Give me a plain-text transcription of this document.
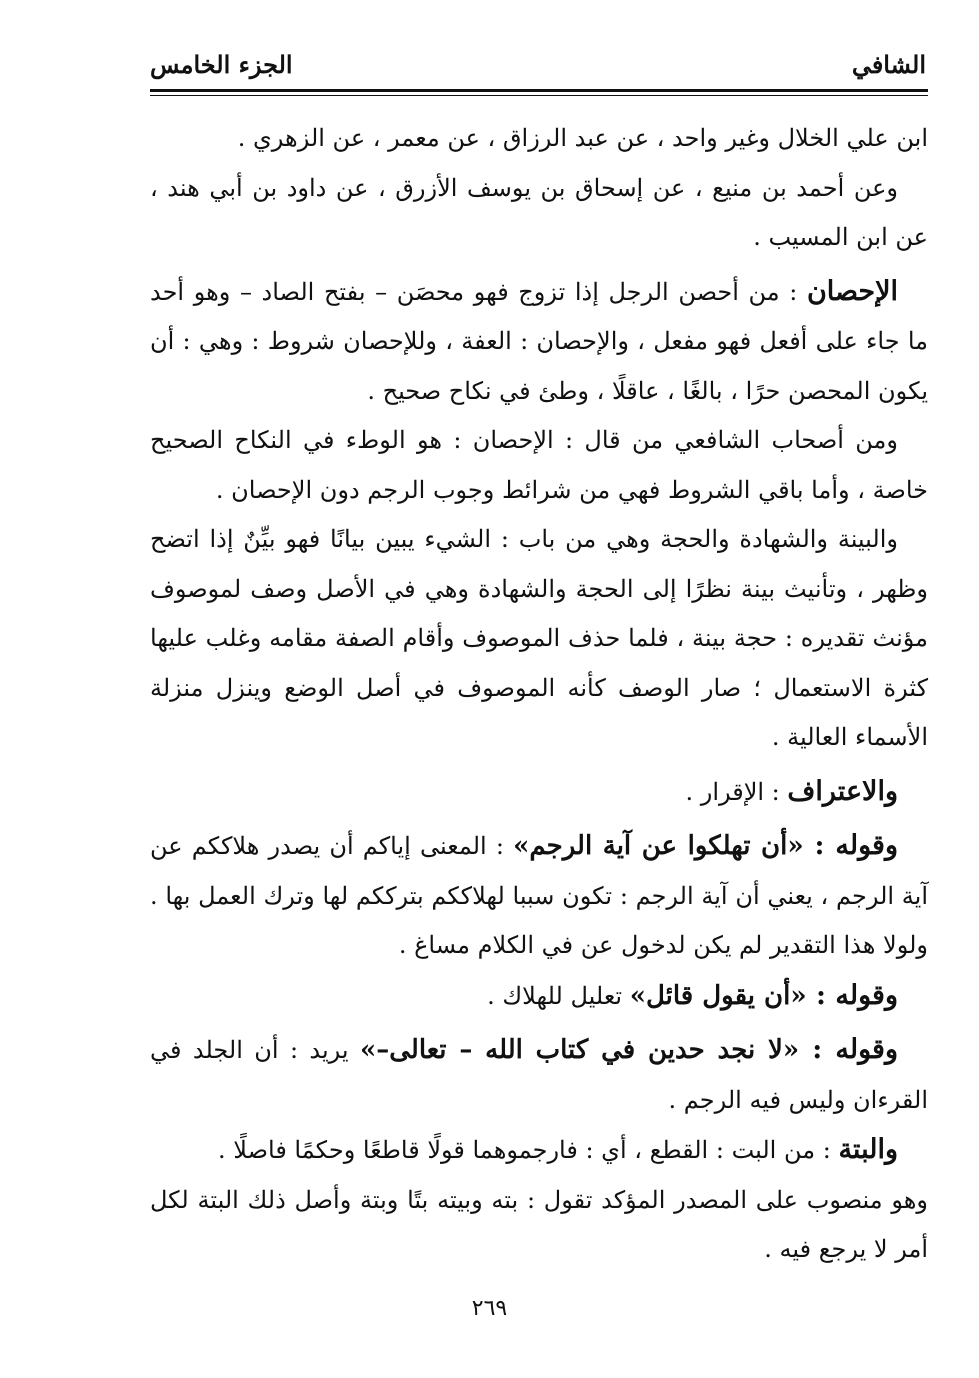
الشافي
الجزء الخامس

ابن علي الخلال وغير واحد ، عن عبد الرزاق ، عن معمر ، عن الزهري .

وعن أحمد بن منيع ، عن إسحاق بن يوسف الأزرق ، عن داود بن أبي هند ، عن ابن المسيب .

الإحصان : من أحصن الرجل إذا تزوج فهو محصَن – بفتح الصاد – وهو أحد ما جاء على أفعل فهو مفعل ، والإحصان : العفة ، وللإحصان شروط : وهي : أن يكون المحصن حرًا ، بالغًا ، عاقلًا ، وطئ في نكاح صحيح .

ومن أصحاب الشافعي من قال : الإحصان : هو الوطء في النكاح الصحيح خاصة ، وأما باقي الشروط فهي من شرائط وجوب الرجم دون الإحصان .

والبينة والشهادة والحجة وهي من باب : الشيء يبين بيانًا فهو بيِّنٌ إذا اتضح وظهر ، وتأنيث بينة نظرًا إلى الحجة والشهادة وهي في الأصل وصف لموصوف مؤنث تقديره : حجة بينة ، فلما حذف الموصوف وأقام الصفة مقامه وغلب عليها كثرة الاستعمال ؛ صار الوصف كأنه الموصوف في أصل الوضع وينزل منزلة الأسماء العالية .

والاعتراف : الإقرار .

وقوله : «أن تهلكوا عن آية الرجم» : المعنى إياكم أن يصدر هلاككم عن آية الرجم ، يعني أن آية الرجم : تكون سببا لهلاككم بترككم لها وترك العمل بها . ولولا هذا التقدير لم يكن لدخول عن في الكلام مساغ .

وقوله : «أن يقول قائل» تعليل للهلاك .

وقوله : «لا نجد حدين في كتاب الله – تعالى–» يريد : أن الجلد في القرءان وليس فيه الرجم .

والبتة : من البت : القطع ، أي : فارجموهما قولًا قاطعًا وحكمًا فاصلًا .

وهو منصوب على المصدر المؤكد تقول : بته وبيته بتًا وبتة وأصل ذلك البتة لكل أمر لا يرجع فيه .

٢٦٩
